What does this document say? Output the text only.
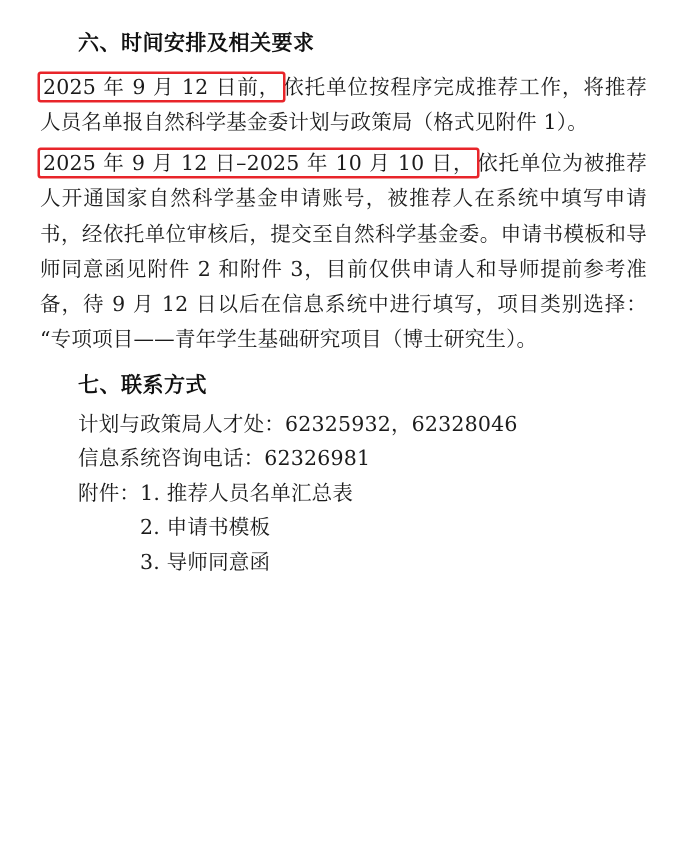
六、时间安排及相关要求

2025 年 9 月 12 日前， 依托单位按程序完成推荐工作，将推荐人员名单报自然科学基金委计划与政策局（格式见附件 1）。

2025 年 9 月 12 日–2025 年 10 月 10 日， 依托单位为被推荐人开通国家自然科学基金申请账号，被推荐人在系统中填写申请书，经依托单位审核后，提交至自然科学基金委。申请书模板和导师同意函见附件 2 和附件 3，目前仅供申请人和导师提前参考准备，待 9 月 12 日以后在信息系统中进行填写，项目类别选择：“专项项目——青年学生基础研究项目（博士研究生）。

七、联系方式

计划与政策局人才处：62325932，62328046

信息系统咨询电话：62326981

附件：1. 推荐人员名单汇总表

2. 申请书模板

3. 导师同意函
